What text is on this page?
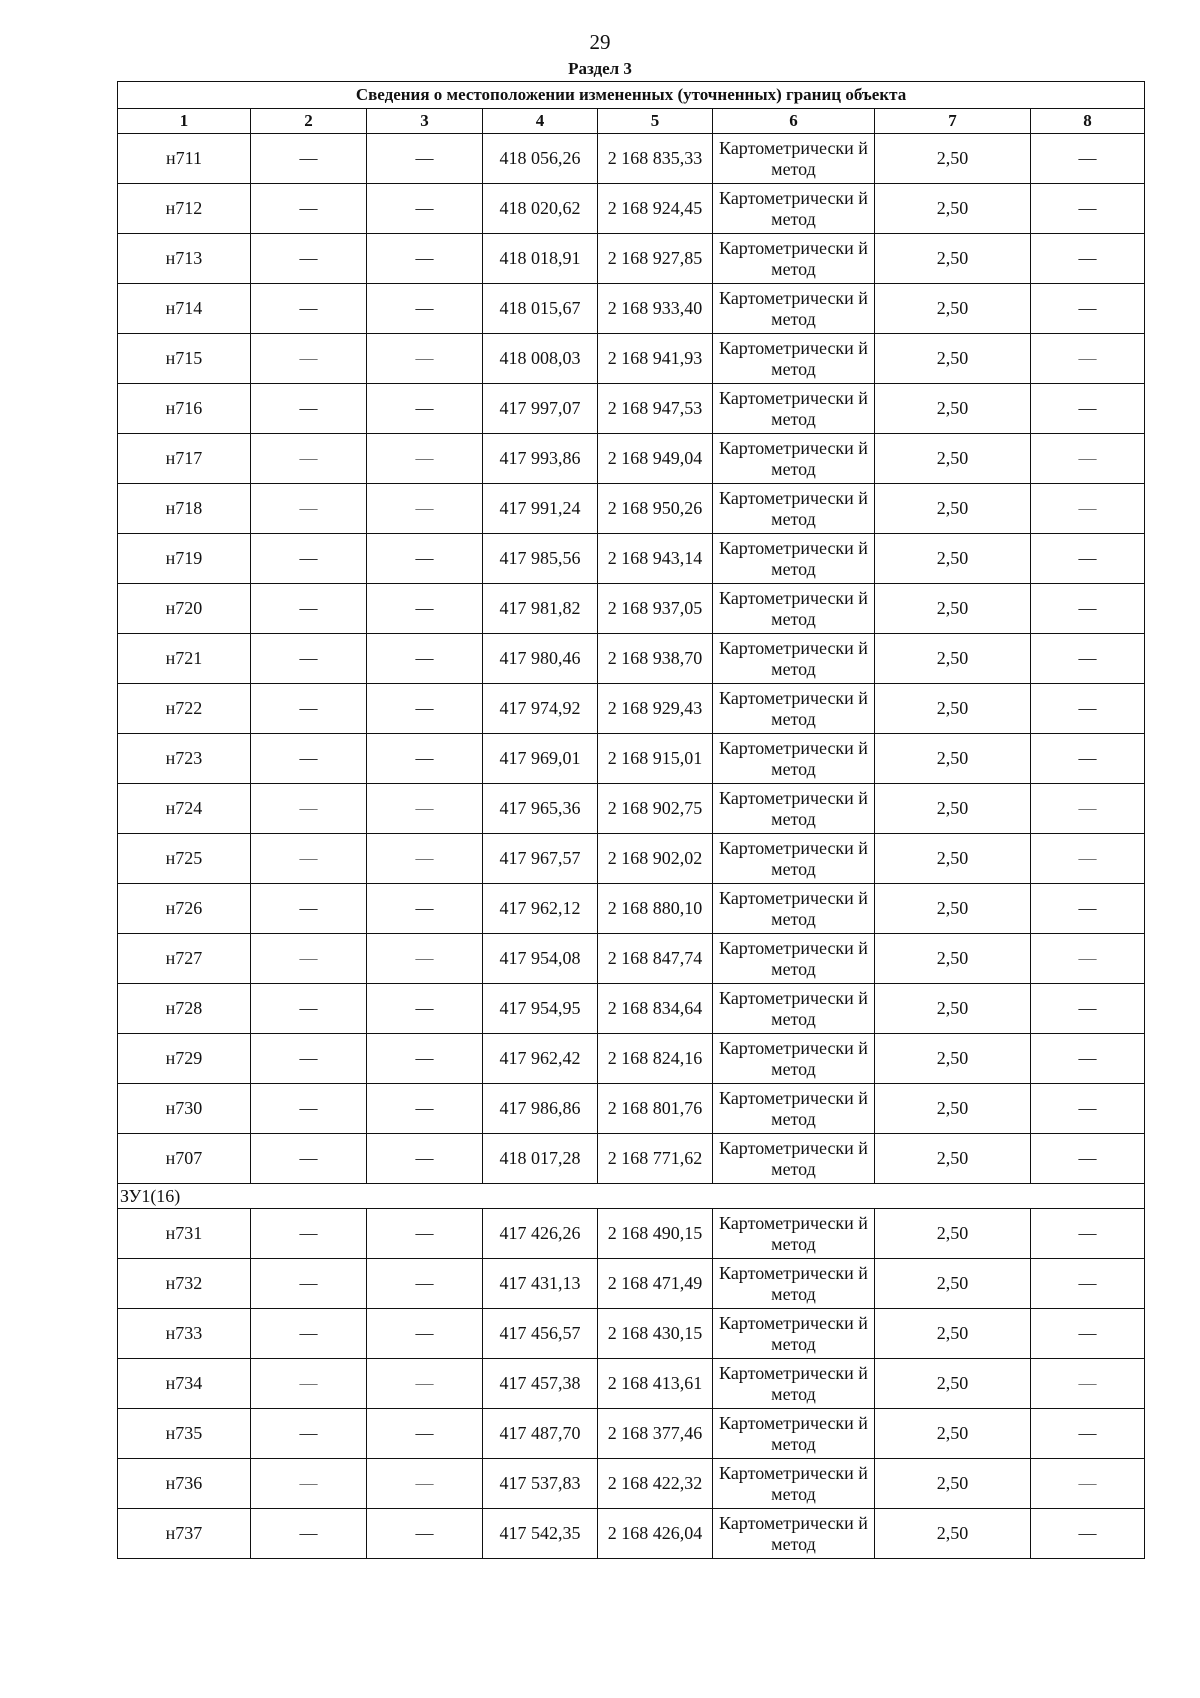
29
Раздел 3
Сведения о местоположении измененных (уточненных) границ объекта							
1	2	3	4	5	6	7	8
н711	—	—	418 056,26	2 168 835,33	Картометрически й метод	2,50	—
н712	—	—	418 020,62	2 168 924,45	Картометрически й метод	2,50	—
н713	—	—	418 018,91	2 168 927,85	Картометрически й метод	2,50	—
н714	—	—	418 015,67	2 168 933,40	Картометрически й метод	2,50	—
н715	—	—	418 008,03	2 168 941,93	Картометрически й метод	2,50	—
н716	—	—	417 997,07	2 168 947,53	Картометрически й метод	2,50	—
н717	—	—	417 993,86	2 168 949,04	Картометрически й метод	2,50	—
н718	—	—	417 991,24	2 168 950,26	Картометрически й метод	2,50	—
н719	—	—	417 985,56	2 168 943,14	Картометрически й метод	2,50	—
н720	—	—	417 981,82	2 168 937,05	Картометрически й метод	2,50	—
н721	—	—	417 980,46	2 168 938,70	Картометрически й метод	2,50	—
н722	—	—	417 974,92	2 168 929,43	Картометрически й метод	2,50	—
н723	—	—	417 969,01	2 168 915,01	Картометрически й метод	2,50	—
н724	—	—	417 965,36	2 168 902,75	Картометрически й метод	2,50	—
н725	—	—	417 967,57	2 168 902,02	Картометрически й метод	2,50	—
н726	—	—	417 962,12	2 168 880,10	Картометрически й метод	2,50	—
н727	—	—	417 954,08	2 168 847,74	Картометрически й метод	2,50	—
н728	—	—	417 954,95	2 168 834,64	Картометрически й метод	2,50	—
н729	—	—	417 962,42	2 168 824,16	Картометрически й метод	2,50	—
н730	—	—	417 986,86	2 168 801,76	Картометрически й метод	2,50	—
н707	—	—	418 017,28	2 168 771,62	Картометрически й метод	2,50	—
ЗУ1(16)							
н731	—	—	417 426,26	2 168 490,15	Картометрически й метод	2,50	—
н732	—	—	417 431,13	2 168 471,49	Картометрически й метод	2,50	—
н733	—	—	417 456,57	2 168 430,15	Картометрически й метод	2,50	—
н734	—	—	417 457,38	2 168 413,61	Картометрически й метод	2,50	—
н735	—	—	417 487,70	2 168 377,46	Картометрически й метод	2,50	—
н736	—	—	417 537,83	2 168 422,32	Картометрически й метод	2,50	—
н737	—	—	417 542,35	2 168 426,04	Картометрически й метод	2,50	—
